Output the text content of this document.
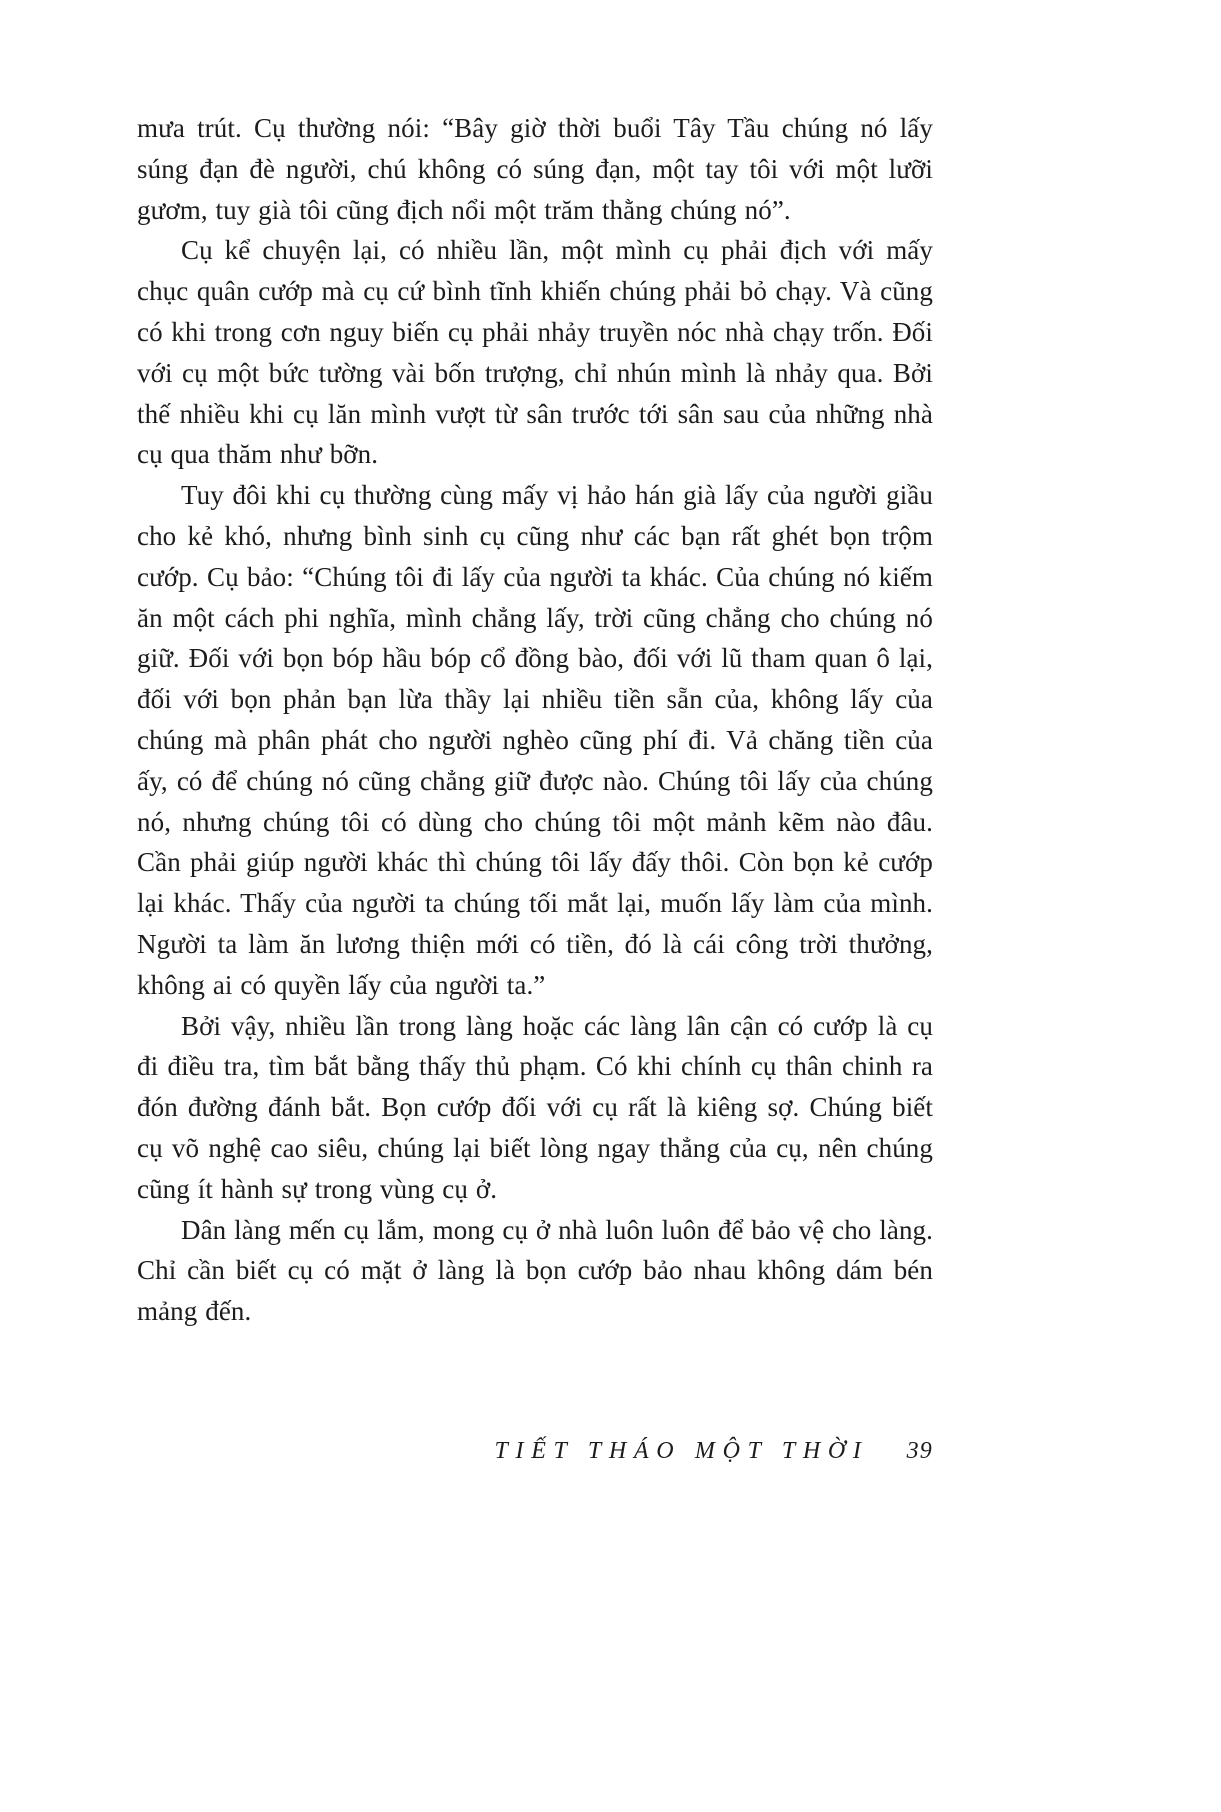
mưa trút. Cụ thường nói: “Bây giờ thời buổi Tây Tầu chúng nó lấy súng đạn đè người, chú không có súng đạn, một tay tôi với một lưỡi gươm, tuy già tôi cũng địch nổi một trăm thằng chúng nó”.

Cụ kể chuyện lại, có nhiều lần, một mình cụ phải địch với mấy chục quân cướp mà cụ cứ bình tĩnh khiến chúng phải bỏ chạy. Và cũng có khi trong cơn nguy biến cụ phải nhảy truyền nóc nhà chạy trốn. Đối với cụ một bức tường vài bốn trượng, chỉ nhún mình là nhảy qua. Bởi thế nhiều khi cụ lăn mình vượt từ sân trước tới sân sau của những nhà cụ qua thăm như bỡn.

Tuy đôi khi cụ thường cùng mấy vị hảo hán già lấy của người giầu cho kẻ khó, nhưng bình sinh cụ cũng như các bạn rất ghét bọn trộm cướp. Cụ bảo: “Chúng tôi đi lấy của người ta khác. Của chúng nó kiếm ăn một cách phi nghĩa, mình chẳng lấy, trời cũng chẳng cho chúng nó giữ. Đối với bọn bóp hầu bóp cổ đồng bào, đối với lũ tham quan ô lại, đối với bọn phản bạn lừa thầy lại nhiều tiền sẵn của, không lấy của chúng mà phân phát cho người nghèo cũng phí đi. Vả chăng tiền của ấy, có để chúng nó cũng chẳng giữ được nào. Chúng tôi lấy của chúng nó, nhưng chúng tôi có dùng cho chúng tôi một mảnh kẽm nào đâu. Cần phải giúp người khác thì chúng tôi lấy đấy thôi. Còn bọn kẻ cướp lại khác. Thấy của người ta chúng tối mắt lại, muốn lấy làm của mình. Người ta làm ăn lương thiện mới có tiền, đó là cái công trời thưởng, không ai có quyền lấy của người ta.”

Bởi vậy, nhiều lần trong làng hoặc các làng lân cận có cướp là cụ đi điều tra, tìm bắt bằng thấy thủ phạm. Có khi chính cụ thân chinh ra đón đường đánh bắt. Bọn cướp đối với cụ rất là kiêng sợ. Chúng biết cụ võ nghệ cao siêu, chúng lại biết lòng ngay thẳng của cụ, nên chúng cũng ít hành sự trong vùng cụ ở.

Dân làng mến cụ lắm, mong cụ ở nhà luôn luôn để bảo vệ cho làng. Chỉ cần biết cụ có mặt ở làng là bọn cướp bảo nhau không dám bén mảng đến.

TIẾT THÁO MỘT THỜI 39
